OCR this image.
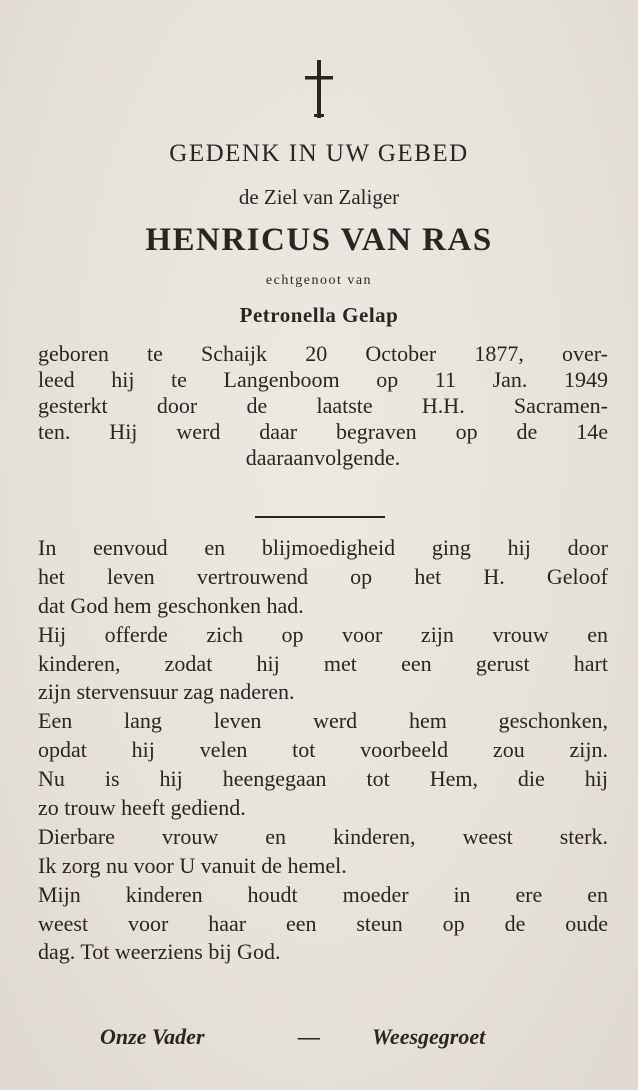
GEDENK IN UW GEBED
de Ziel van Zaliger
HENRICUS VAN RAS
echtgenoot van
Petronella Gelap
geboren te Schaijk 20 October 1877, over-
leed hij te Langenboom op 11 Jan. 1949
gesterkt door de laatste H.H. Sacramen-
ten. Hij werd daar begraven op de 14e
daaraanvolgende.
In eenvoud en blijmoedigheid ging hij door
het leven vertrouwend op het H. Geloof
dat God hem geschonken had.
Hij offerde zich op voor zijn vrouw en
kinderen, zodat hij met een gerust hart
zijn stervensuur zag naderen.
Een lang leven werd hem geschonken,
opdat hij velen tot voorbeeld zou zijn.
Nu is hij heengegaan tot Hem, die hij
zo trouw heeft gediend.
Dierbare vrouw en kinderen, weest sterk.
Ik zorg nu voor U vanuit de hemel.
Mijn kinderen houdt moeder in ere en
weest voor haar een steun op de oude
dag. Tot weerziens bij God.
Onze Vader	— Weesgegroet
